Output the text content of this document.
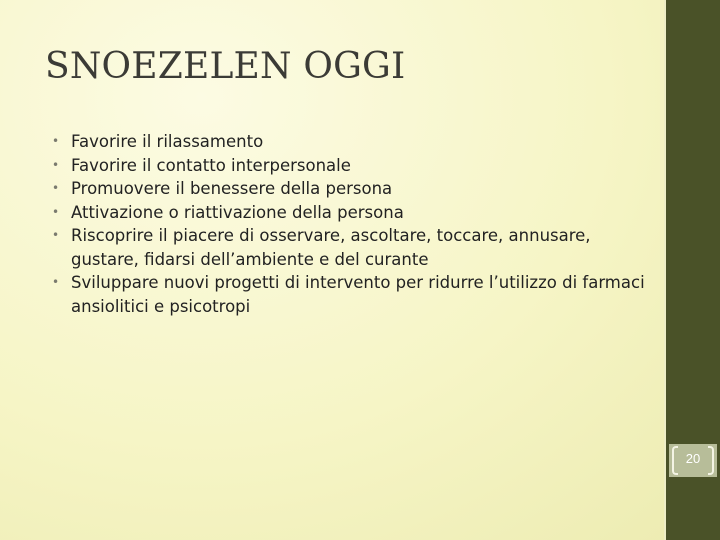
SNOEZELEN OGGI
• Favorire il rilassamento
• Favorire il contatto interpersonale
• Promuovere il benessere della persona
• Attivazione o riattivazione della persona
• Riscoprire il piacere di osservare, ascoltare, toccare, annusare, gustare, fidarsi dell’ambiente e del curante
• Sviluppare nuovi progetti di intervento per ridurre l’utilizzo di farmaci ansiolitici e psicotropi
20
